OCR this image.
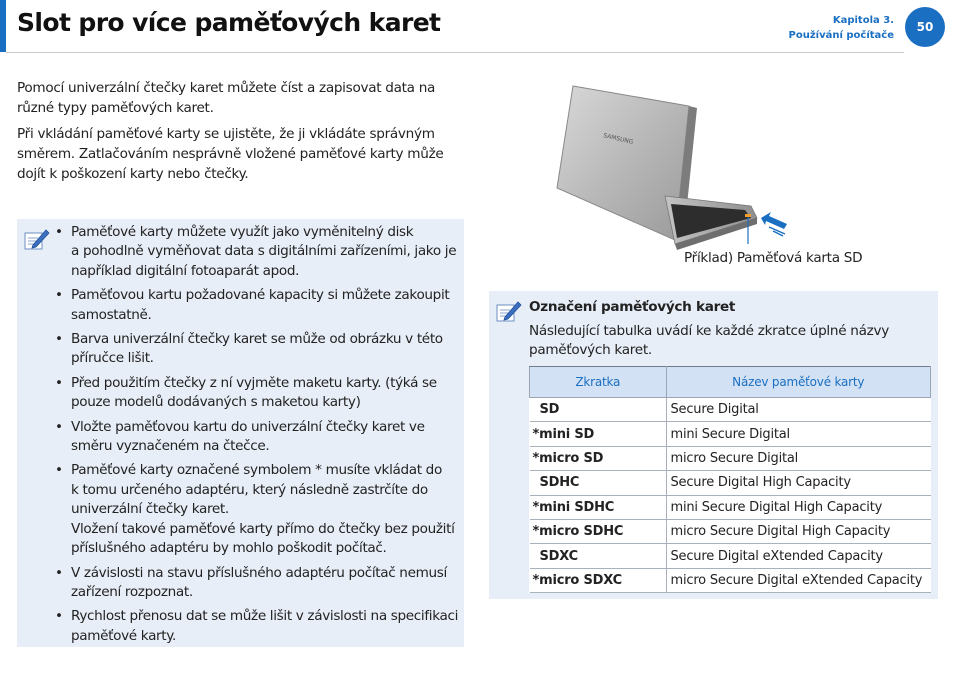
Slot pro více paměťových karet	Kapitola 3.
Používání počítače
50

Pomocí univerzální čtečky karet můžete číst a zapisovat data na různé typy paměťových karet.

Při vkládání paměťové karty se ujistěte, že ji vkládáte správným směrem. Zatlačováním nesprávně vložené paměťové karty může dojít k poškození karty nebo čtečky.

• Paměťové karty můžete využít jako vyměnitelný disk
a pohodlně vyměňovat data s digitálními zařízeními, jako je například digitální fotoaparát apod.
• Paměťovou kartu požadované kapacity si můžete zakoupit samostatně.
• Barva univerzální čtečky karet se může od obrázku v této příručce lišit.
• Před použitím čtečky z ní vyjměte maketu karty. (týká se pouze modelů dodávaných s maketou karty)
• Vložte paměťovou kartu do univerzální čtečky karet ve směru vyznačeném na čtečce.
• Paměťové karty označené symbolem * musíte vkládat do
k tomu určeného adaptéru, který následně zastrčíte do univerzální čtečky karet.
Vložení takové paměťové karty přímo do čtečky bez použití příslušného adaptéru by mohlo poškodit počítač.
• V závislosti na stavu příslušného adaptéru počítač nemusí zařízení rozpoznat.
• Rychlost přenosu dat se může lišit v závislosti na specifikaci paměťové karty.
SAMSUNG
Příklad) Paměťová karta SD
Označení paměťových karet

Následující tabulka uvádí ke každé zkratce úplné názvy paměťových karet.

Zkratka	Název paměťové karty
SD	Secure Digital
*mini SD	mini Secure Digital
*micro SD	micro Secure Digital
SDHC	Secure Digital High Capacity
*mini SDHC	mini Secure Digital High Capacity
*micro SDHC	micro Secure Digital High Capacity
SDXC	Secure Digital eXtended Capacity
*micro SDXC	micro Secure Digital eXtended Capacity
